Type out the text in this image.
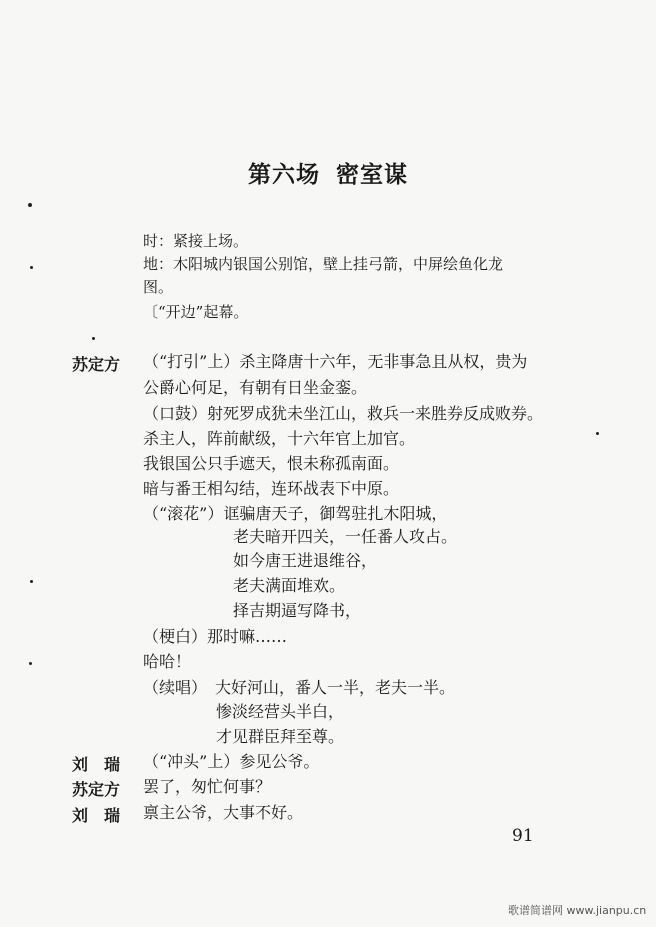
第六场 密室谋
时：紧接上场。
地：木阳城内银国公别馆，壁上挂弓箭，中屏绘鱼化龙
图。
〔“开边”起幕。
苏定方 （“打引”上）杀主降唐十六年，无非事急且从权，贵为
公爵心何足，有朝有日坐金銮。
（口鼓）射死罗成犹未坐江山，救兵一来胜券反成败券。
杀主人，阵前献级，十六年官上加官。
我银国公只手遮天，恨未称孤南面。
暗与番王相勾结，连环战表下中原。
（“滚花”）诓骗唐天子，御驾驻扎木阳城，
老夫暗开四关，一任番人攻占。
如今唐王进退维谷，
老夫满面堆欢。
择吉期逼写降书，
（梗白）那时嘛……
哈哈！
（续唱）　大好河山，番人一半，老夫一半。
惨淡经营头半白，
才见群臣拜至尊。
刘　瑞 （“冲头”上）参见公爷。
苏定方 罢了，匆忙何事？
刘　瑞 禀主公爷，大事不好。
91
歌谱简谱网 www.jianpu.cn
